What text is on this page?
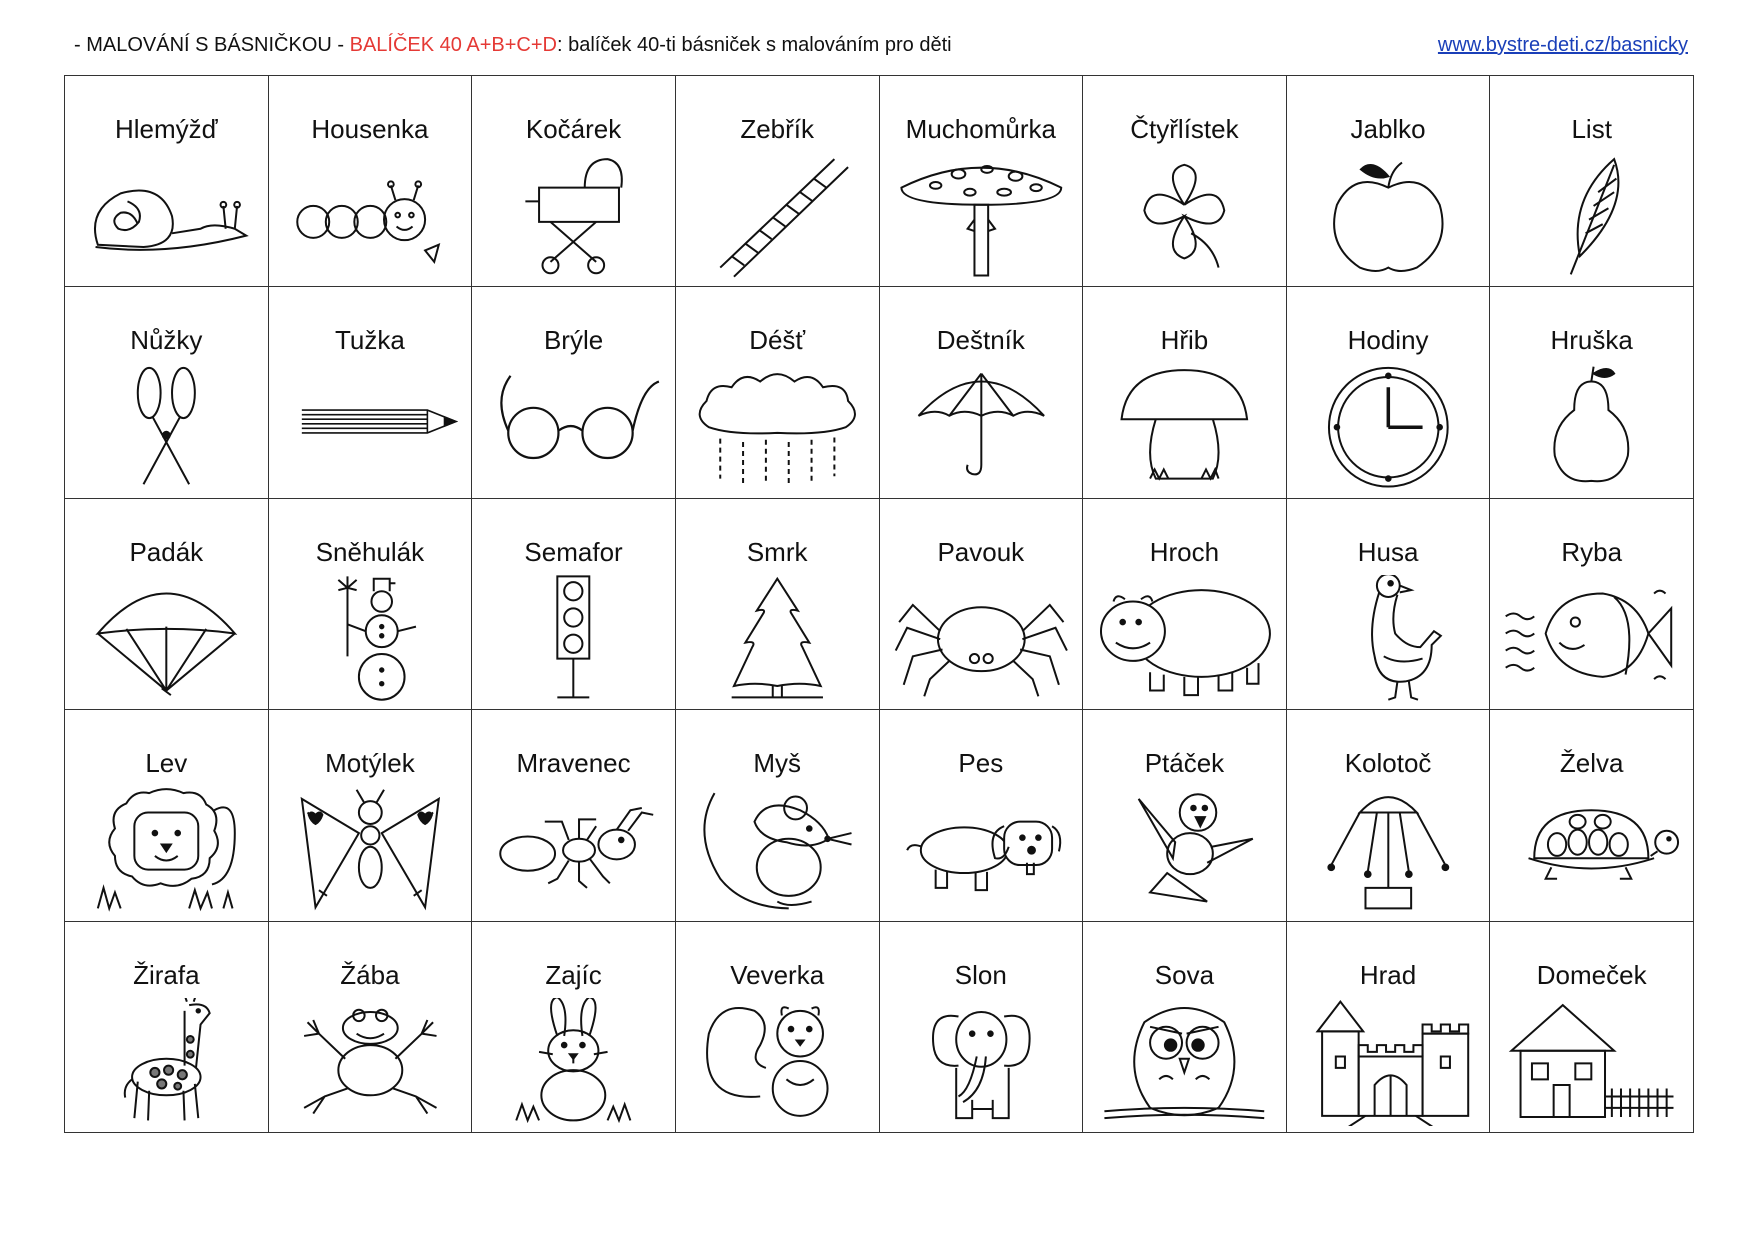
- MALOVÁNÍ S BÁSNIČKOU - BALÍČEK 40 A+B+C+D: balíček 40-ti básniček s malováním pro děti	www.bystre-deti.cz/basnicky
Hlemýžď	Housenka	Kočárek	Zebřík	Muchomůrka	Čtyřlístek	Jablko	List
Nůžky	Tužka	Brýle	Déšť	Deštník	Hřib	Hodiny	Hruška
Padák	Sněhulák	Semafor	Smrk	Pavouk	Hroch	Husa	Ryba
Lev	Motýlek	Mravenec	Myš	Pes	Ptáček	Kolotoč	Želva
Žirafa	Žába	Zajíc	Veverka	Slon	Sova	Hrad	Domeček
